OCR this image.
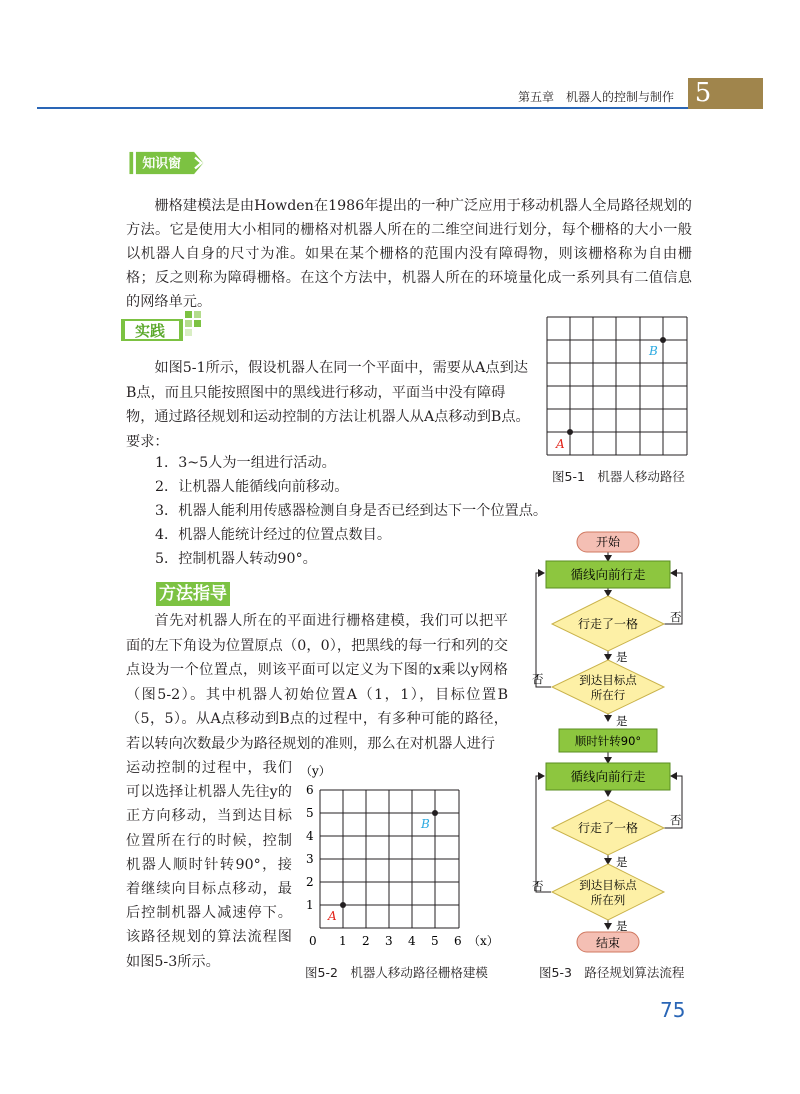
第五章　机器人的控制与制作 5
知识窗

栅格建模法是由Howden在1986年提出的一种广泛应用于移动机器人全局路径规划的方法。它是使用大小相同的栅格对机器人所在的二维空间进行划分，每个栅格的大小一般以机器人自身的尺寸为准。如果在某个栅格的范围内没有障碍物，则该栅格称为自由栅格；反之则称为障碍栅格。在这个方法中，机器人所在的环境量化成一系列具有二值信息的网络单元。

实践

如图5-1所示，假设机器人在同一个平面中，需要从A点到达B点，而且只能按照图中的黑线进行移动，平面当中没有障碍物，通过路径规划和运动控制的方法让机器人从A点移动到B点。要求：

1．3~5人为一组进行活动。
2．让机器人能循线向前移动。
3．机器人能利用传感器检测自身是否已经到达下一个位置点。
4．机器人能统计经过的位置点数目。
5．控制机器人转动90°。
A
B
图5-1　机器人移动路径
方法指导

首先对机器人所在的平面进行栅格建模，我们可以把平面的左下角设为位置原点（0，0），把黑线的每一行和列的交点设为一个位置点，则该平面可以定义为下图的x乘以y网格（图5-2）。其中机器人初始位置A（1，1），目标位置B（5，5）。从A点移动到B点的过程中，有多种可能的路径，若以转向次数最少为路径规划的准则，那么在对机器人进行

运动控制的过程中，我们可以选择让机器人先往y的正方向移动，当到达目标位置所在行的时候，控制机器人顺时针转90°，接着继续向目标点移动，最后控制机器人减速停下。该路径规划的算法流程图如图5-3所示。
（y）
6
5
4
3
2
1
A
B
0 1 2 3 4 5 6 （x）
图5-2　机器人移动路径栅格建模
开始
循线向前行走
行走了一格
到达目标点
所在行
顺时针转90°
循线向前行走
行走了一格
到达目标点
所在列
结束
否
是
否
是
否
是
否
是
图5-3　路径规划算法流程
75
